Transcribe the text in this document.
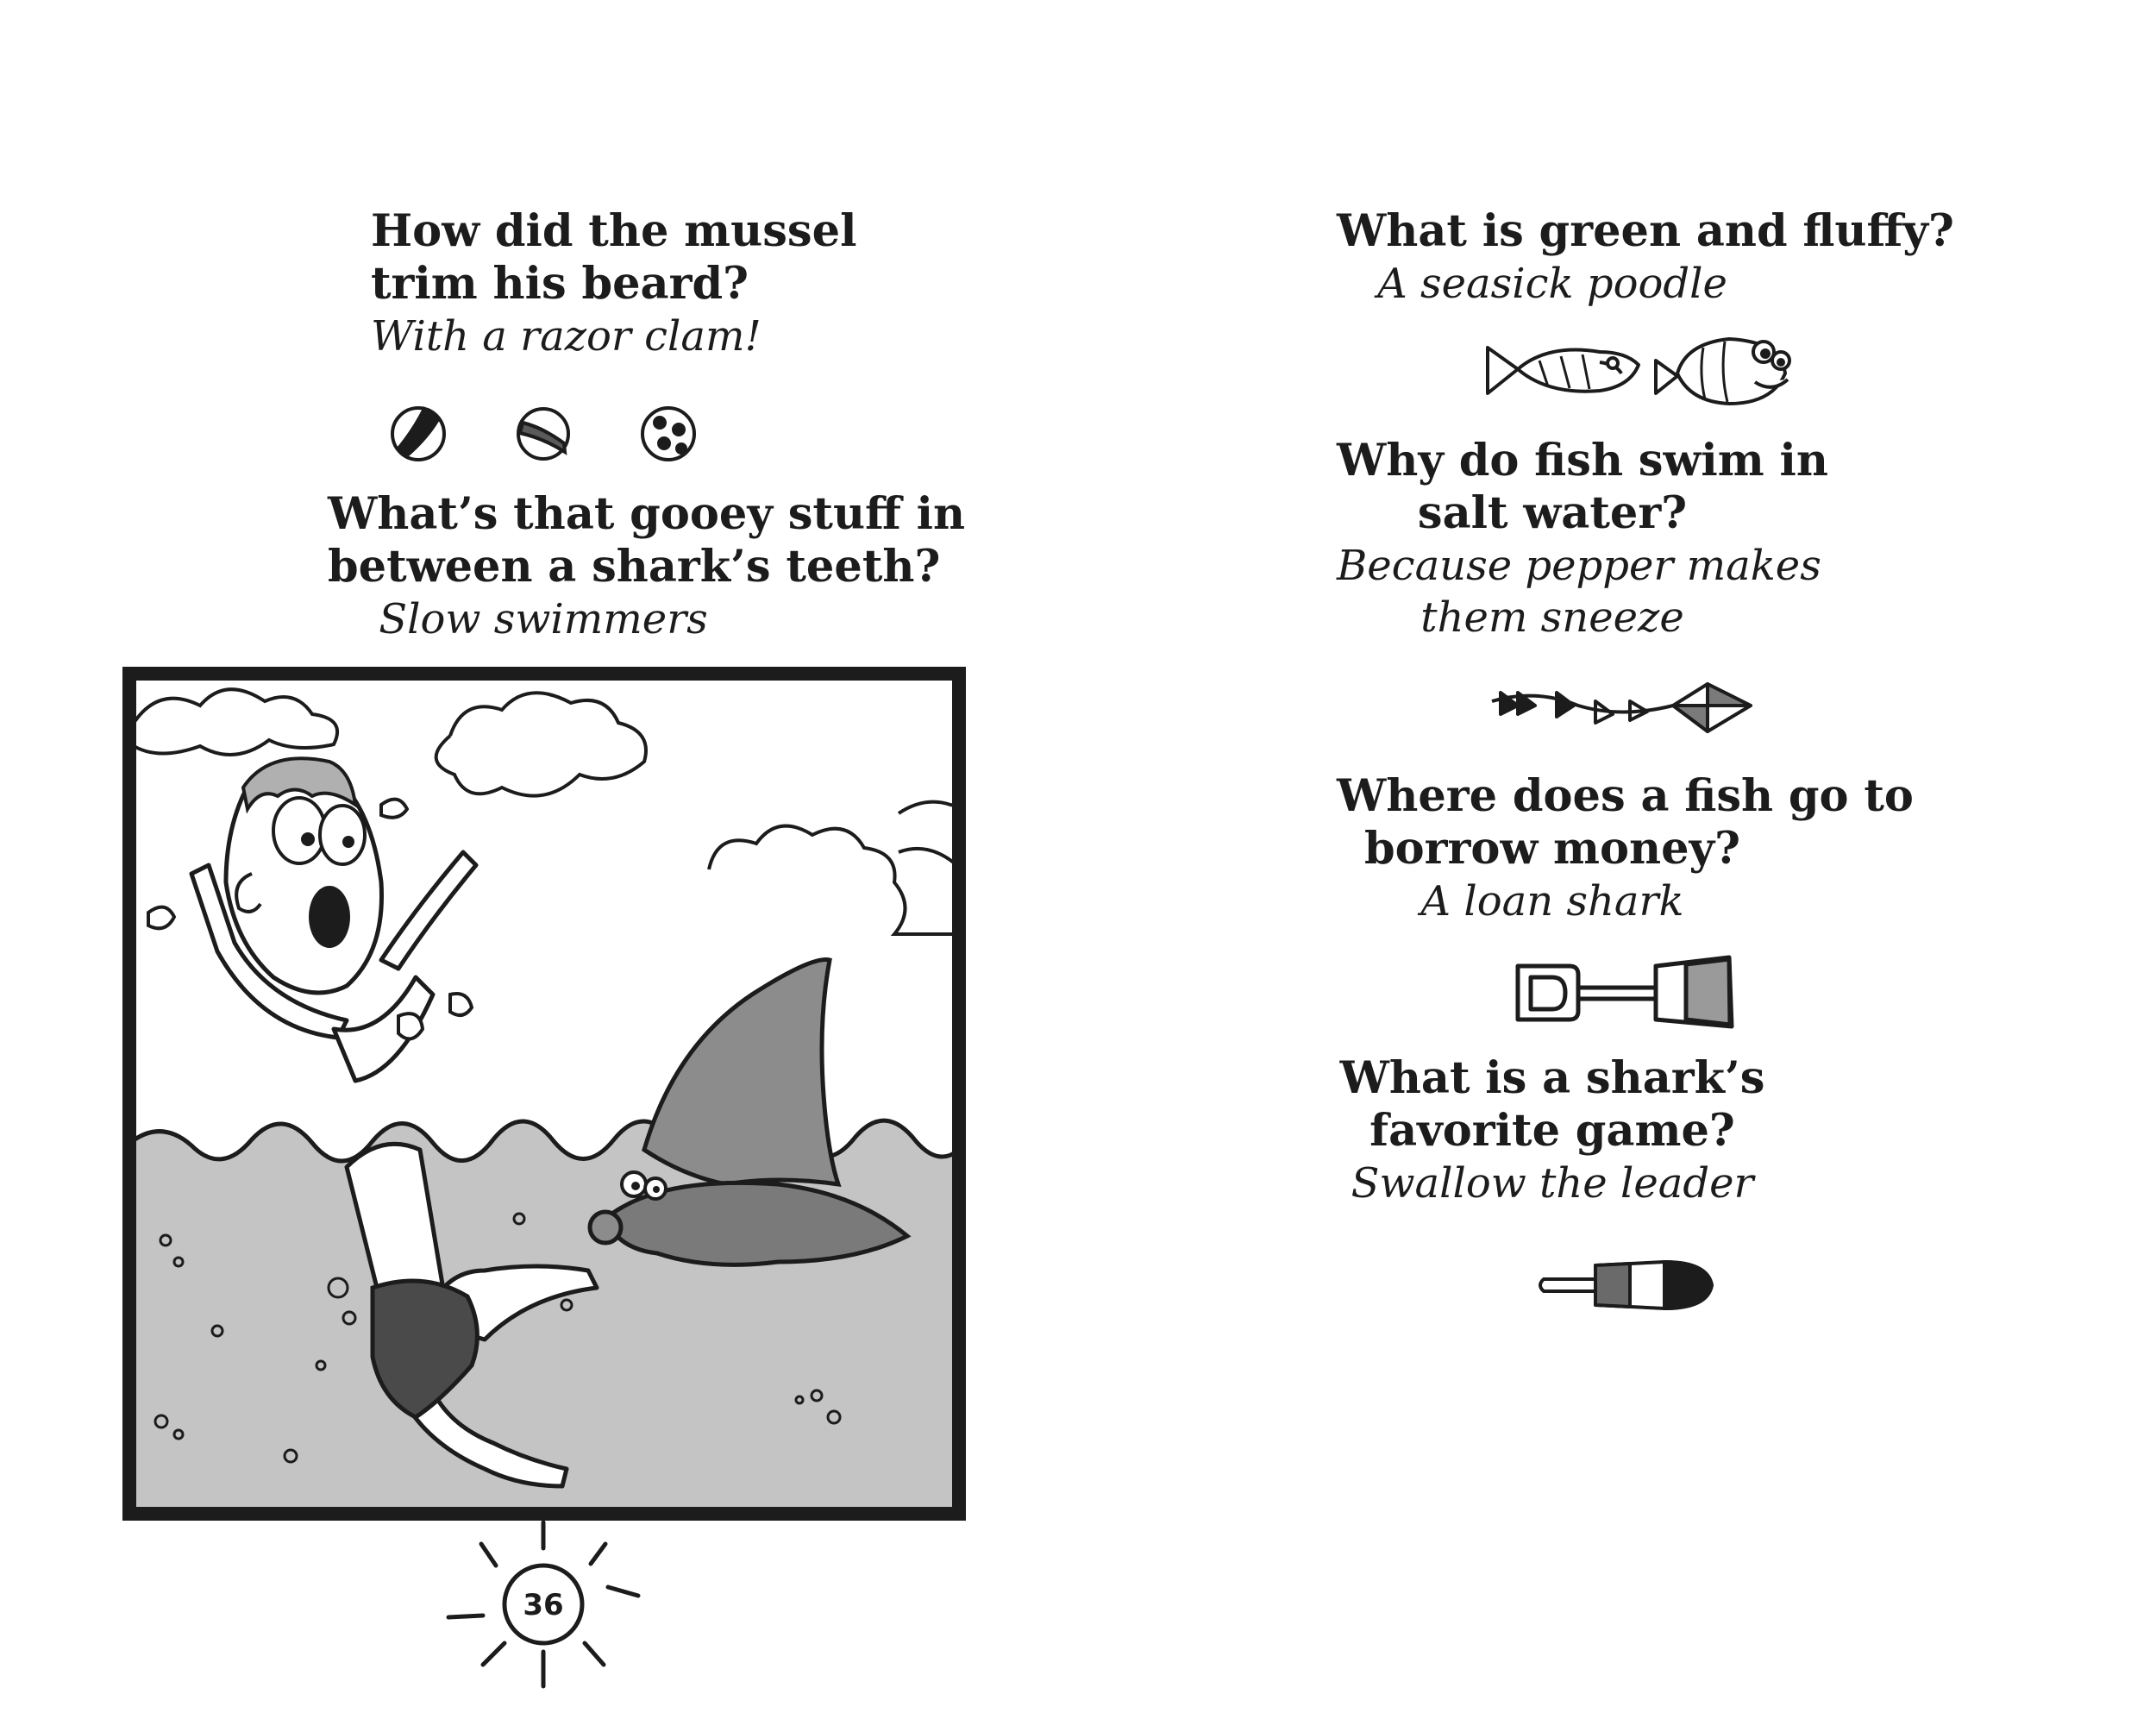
How did the mussel

trim his beard?

With a razor clam!

What’s that gooey stuff in

between a shark’s teeth?

Slow swimmers

36

What is green and fluffy?

A seasick poodle

Why do fish swim in

salt water?

Because pepper makes

them sneeze

Where does a fish go to

borrow money?

A loan shark

What is a shark’s

favorite game?

Swallow the leader
